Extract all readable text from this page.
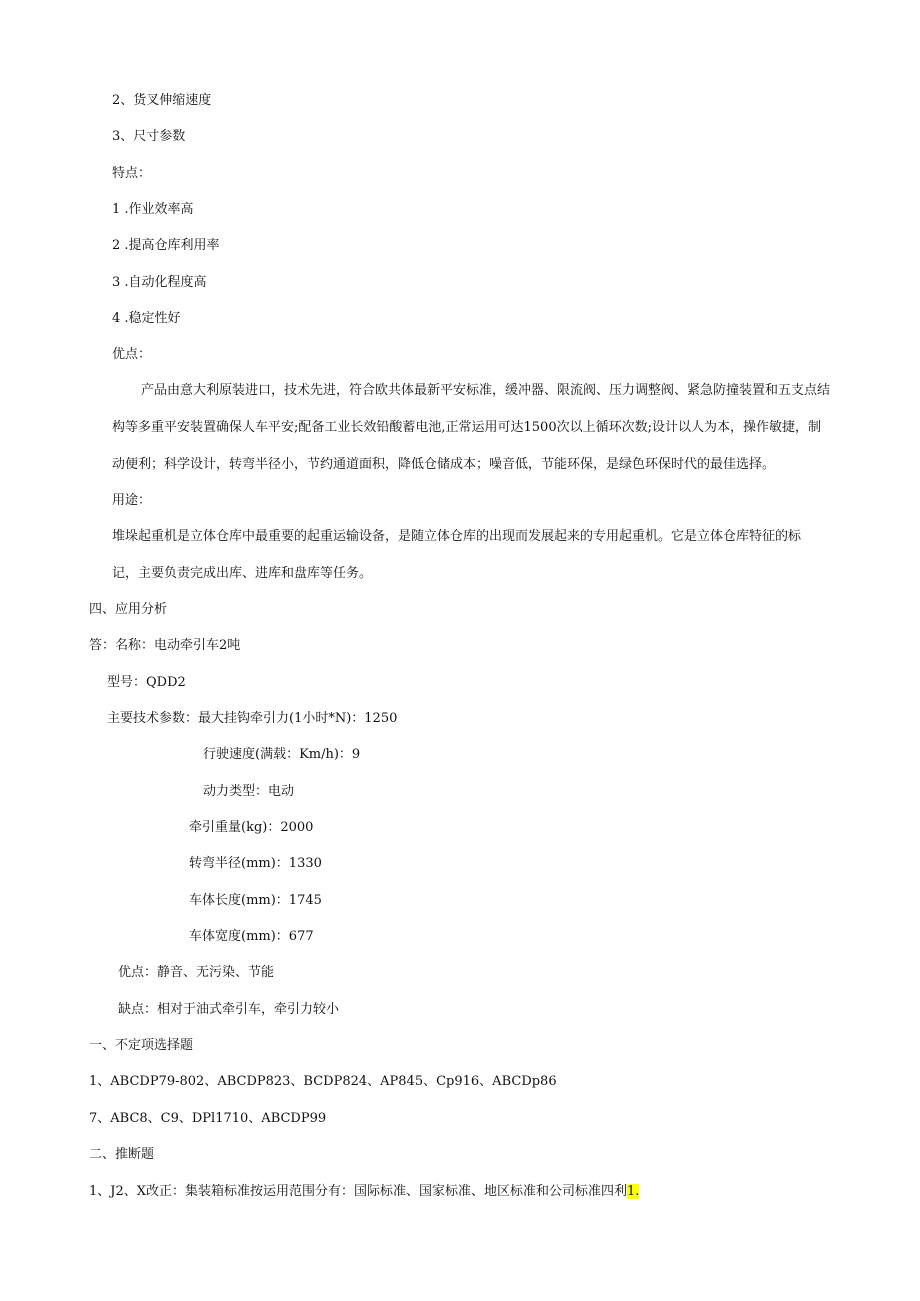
2、货叉伸缩速度
3、尺寸参数
特点：
1 .作业效率高
2 .提高仓库利用率
3 .自动化程度高
4 .稳定性好
优点：
产品由意大利原装进口，技术先进，符合欧共体最新平安标准，缓冲器、限流阀、压力调整阀、紧急防撞装置和五支点结
构等多重平安装置确保人车平安;配备工业长效铅酸蓄电池,正常运用可达1500次以上循环次数;设计以人为本，操作敏捷，制
动便利；科学设计，转弯半径小，节约通道面积，降低仓储成本；噪音低，节能环保，是绿色环保时代的最佳选择。
用途：
堆垛起重机是立体仓库中最重要的起重运输设备，是随立体仓库的出现而发展起来的专用起重机。它是立体仓库特征的标
记，主要负责完成出库、进库和盘库等任务。
四、应用分析
答：名称：电动牵引车2吨
型号：QDD2
主要技术参数：最大挂钩牵引力(1小时*N)：1250
行驶速度(满载：Km/h)：9
动力类型：电动
牵引重量(kg)：2000
转弯半径(mm)：1330
车体长度(mm)：1745
车体宽度(mm)：677
优点：静音、无污染、节能
缺点：相对于油式牵引车，牵引力较小
一、不定项选择题
1、ABCDP79-802、ABCDP823、BCDP824、AP845、Cp916、ABCDp86
7、ABC8、C9、DPl1710、ABCDP99
二、推断题
1、J2、X改正：集装箱标准按运用范围分有：国际标准、国家标准、地区标准和公司标准四利1.
